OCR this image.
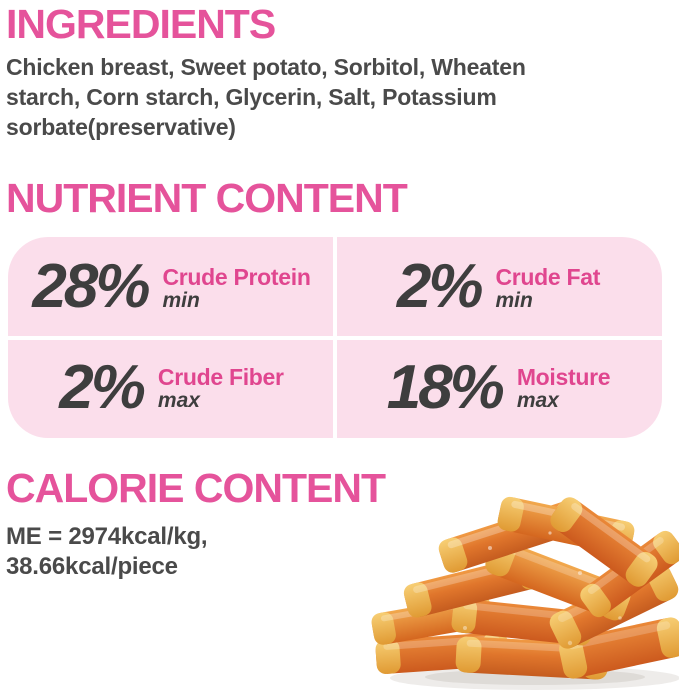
INGREDIENTS
Chicken breast, Sweet potato, Sorbitol, Wheaten
starch, Corn starch, Glycerin, Salt, Potassium
sorbate(preservative)
NUTRIENT CONTENT
28% Crude Protein
min	2% Crude Fat
min
2% Crude Fiber
max	18% Moisture
max
CALORIE CONTENT
ME = 2974kcal/kg,
38.66kcal/piece
